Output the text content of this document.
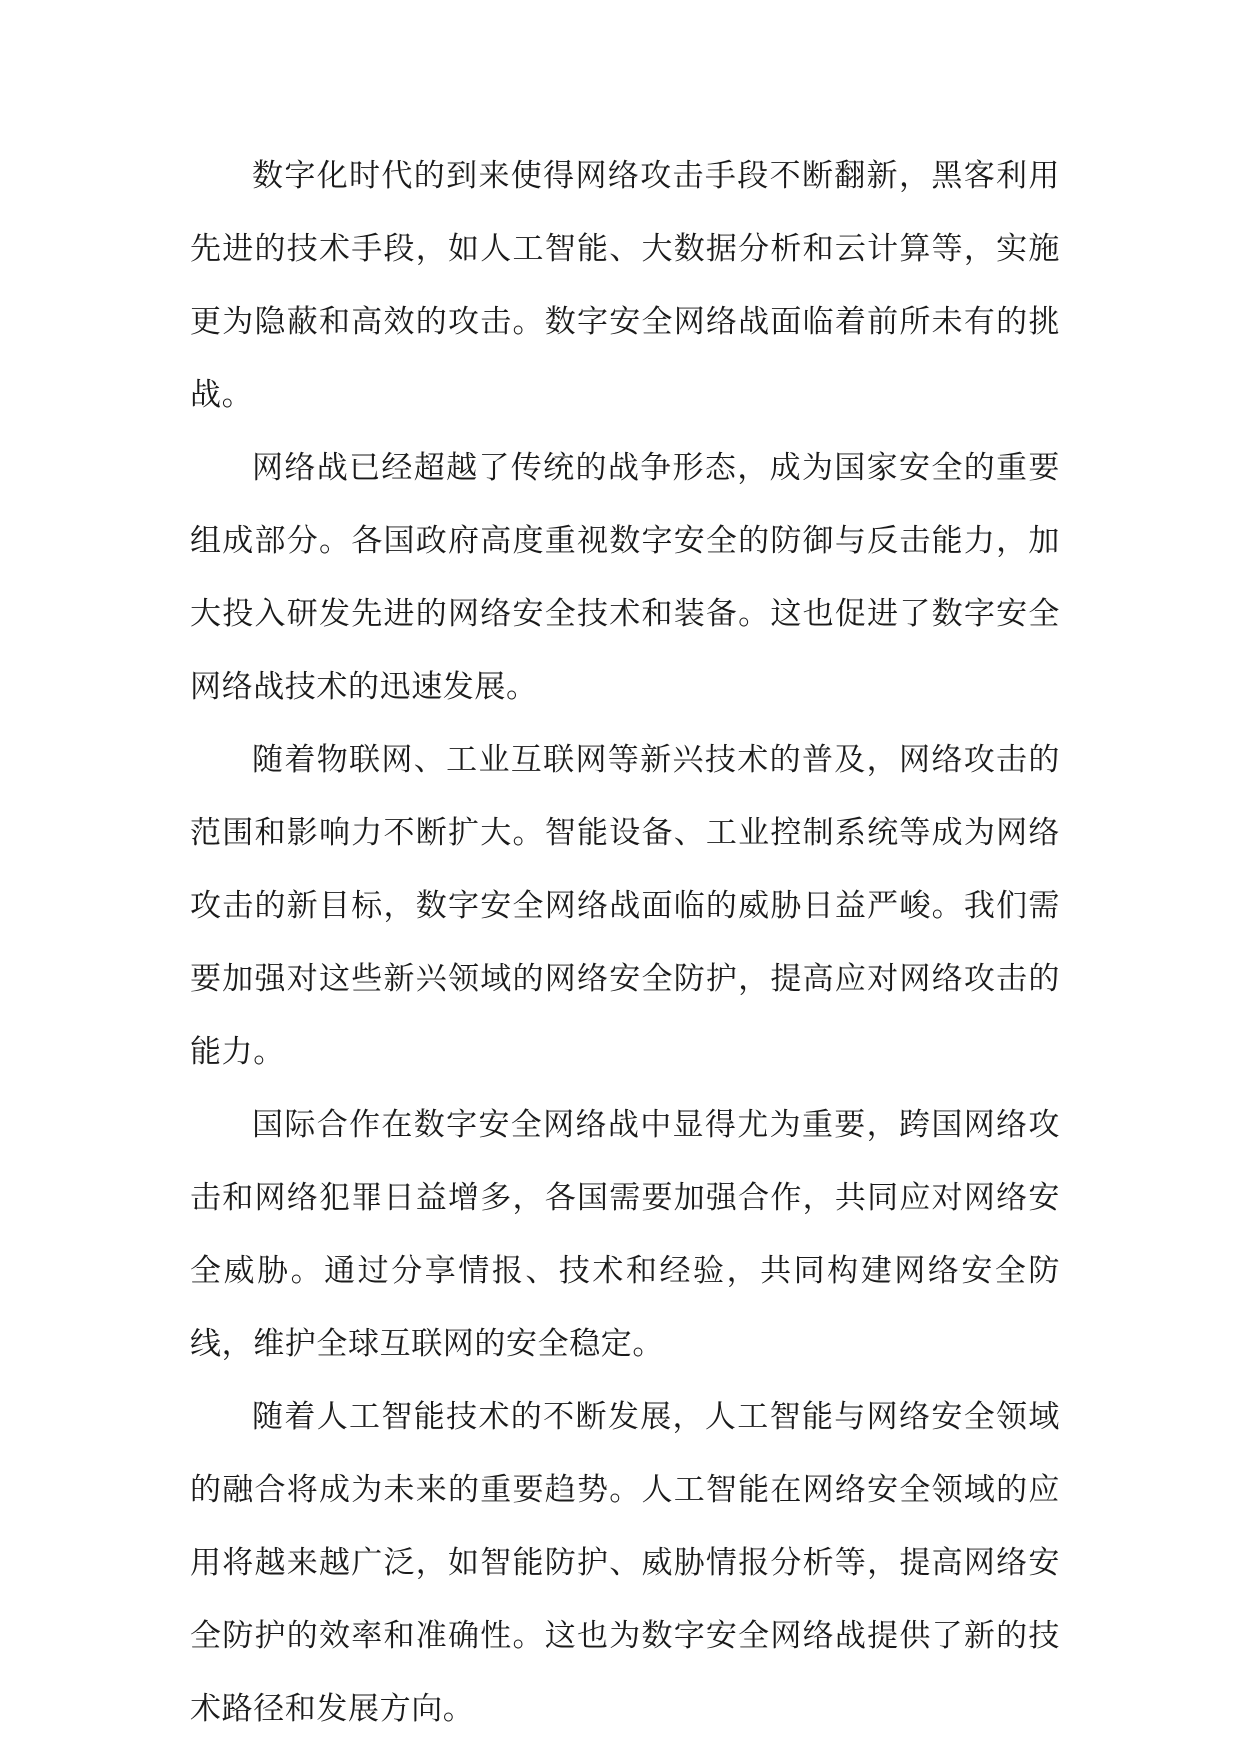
数字化时代的到来使得网络攻击手段不断翻新，黑客利用先进的技术手段，如人工智能、大数据分析和云计算等，实施更为隐蔽和高效的攻击。数字安全网络战面临着前所未有的挑战。

网络战已经超越了传统的战争形态，成为国家安全的重要组成部分。各国政府高度重视数字安全的防御与反击能力，加大投入研发先进的网络安全技术和装备。这也促进了数字安全网络战技术的迅速发展。

随着物联网、工业互联网等新兴技术的普及，网络攻击的范围和影响力不断扩大。智能设备、工业控制系统等成为网络攻击的新目标，数字安全网络战面临的威胁日益严峻。我们需要加强对这些新兴领域的网络安全防护，提高应对网络攻击的能力。

国际合作在数字安全网络战中显得尤为重要，跨国网络攻击和网络犯罪日益增多，各国需要加强合作，共同应对网络安全威胁。通过分享情报、技术和经验，共同构建网络安全防线，维护全球互联网的安全稳定。

随着人工智能技术的不断发展，人工智能与网络安全领域的融合将成为未来的重要趋势。人工智能在网络安全领域的应用将越来越广泛，如智能防护、威胁情报分析等，提高网络安全防护的效率和准确性。这也为数字安全网络战提供了新的技术路径和发展方向。
